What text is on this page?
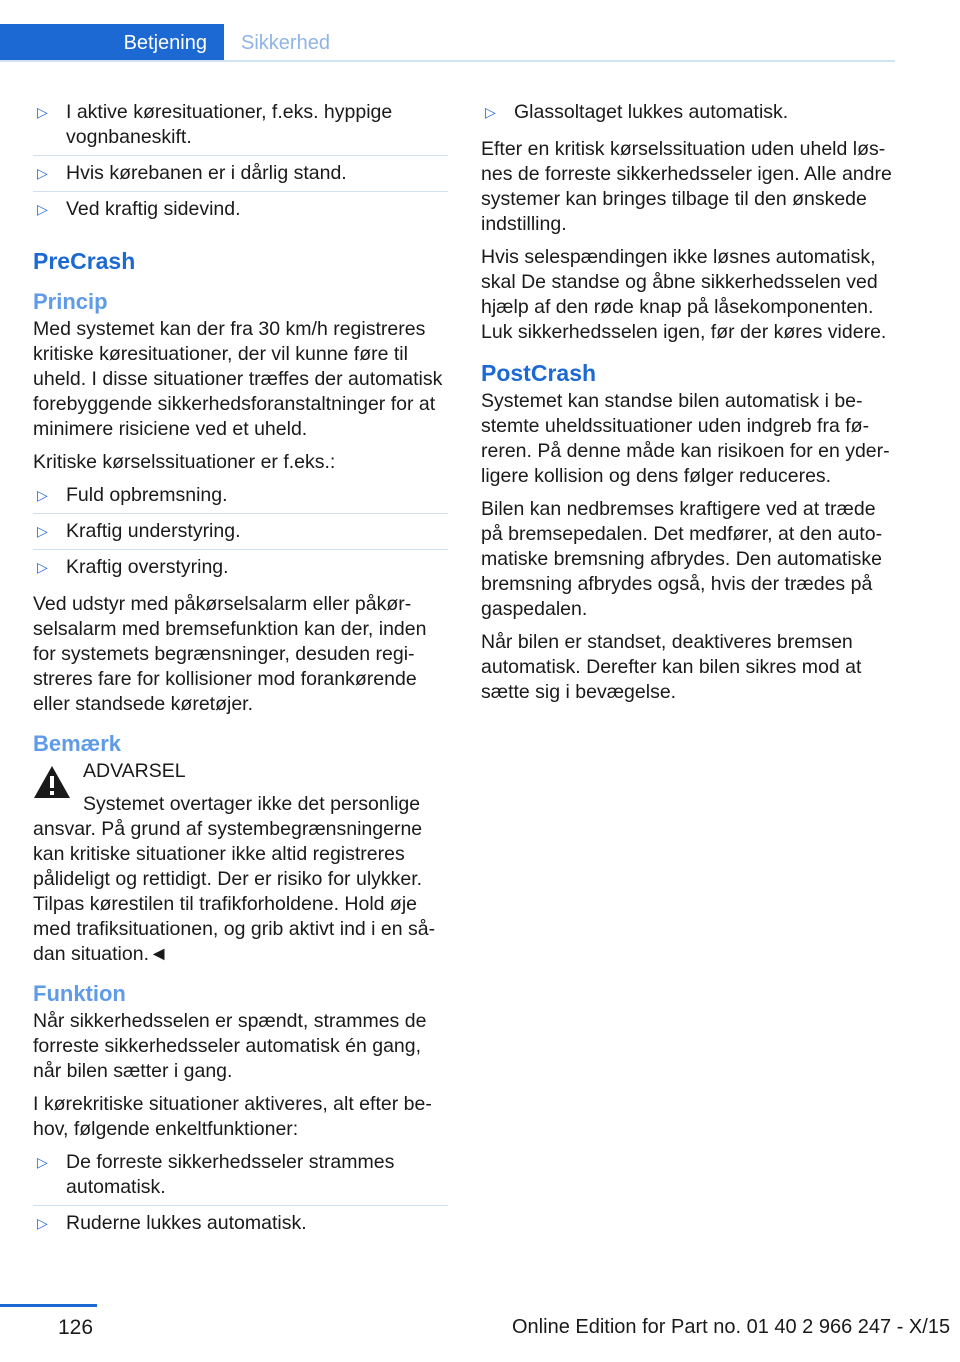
Betjening	Sikkerhed
▷ I aktive køresituationer, f.eks. hyppige vognbaneskift.
▷ Hvis kørebanen er i dårlig stand.
▷ Ved kraftig sidevind.
PreCrash
Princip

Med systemet kan der fra 30 km/h registreres kritiske køresituationer, der vil kunne føre til uheld. I disse situationer træffes der automatisk forebyggende sikkerhedsforanstaltninger for at minimere risiciene ved et uheld.

Kritiske kørselssituationer er f.eks.:

▷ Fuld opbremsning.
▷ Kraftig understyring.
▷ Kraftig overstyring.

Ved udstyr med påkørselsalarm eller påkørselsalarm med bremsefunktion kan der, inden for systemets begrænsninger, desuden registreres fare for kollisioner mod forankørende eller standsede køretøjer.

Bemærk

ADVARSEL

Systemet overtager ikke det personlige

ansvar. På grund af systembegrænsningerne kan kritiske situationer ikke altid registreres pålideligt og rettidigt. Der er risiko for ulykker. Tilpas kørestilen til trafikforholdene. Hold øje med trafiksituationen, og grib aktivt ind i en sådan situation.◄

Funktion

Når sikkerhedsselen er spændt, strammes de forreste sikkerhedsseler automatisk én gang, når bilen sætter i gang.

I kørekritiske situationer aktiveres, alt efter behov, følgende enkeltfunktioner:

▷ De forreste sikkerhedsseler strammes automatisk.
▷ Ruderne lukkes automatisk.
▷ Glassoltaget lukkes automatisk.

Efter en kritisk kørselssituation uden uheld løsnes de forreste sikkerhedsseler igen. Alle andre systemer kan bringes tilbage til den ønskede indstilling.

Hvis selespændingen ikke løsnes automatisk, skal De standse og åbne sikkerhedsselen ved hjælp af den røde knap på låsekomponenten. Luk sikkerhedsselen igen, før der køres videre.

PostCrash

Systemet kan standse bilen automatisk i bestemte uheldssituationer uden indgreb fra føreren. På denne måde kan risikoen for en yderligere kollision og dens følger reduceres.

Bilen kan nedbremses kraftigere ved at træde på bremsepedalen. Det medfører, at den automatiske bremsning afbrydes. Den automatiske bremsning afbrydes også, hvis der trædes på gaspedalen.

Når bilen er standset, deaktiveres bremsen automatisk. Derefter kan bilen sikres mod at sætte sig i bevægelse.

126	Online Edition for Part no. 01 40 2 966 247 - X/15
